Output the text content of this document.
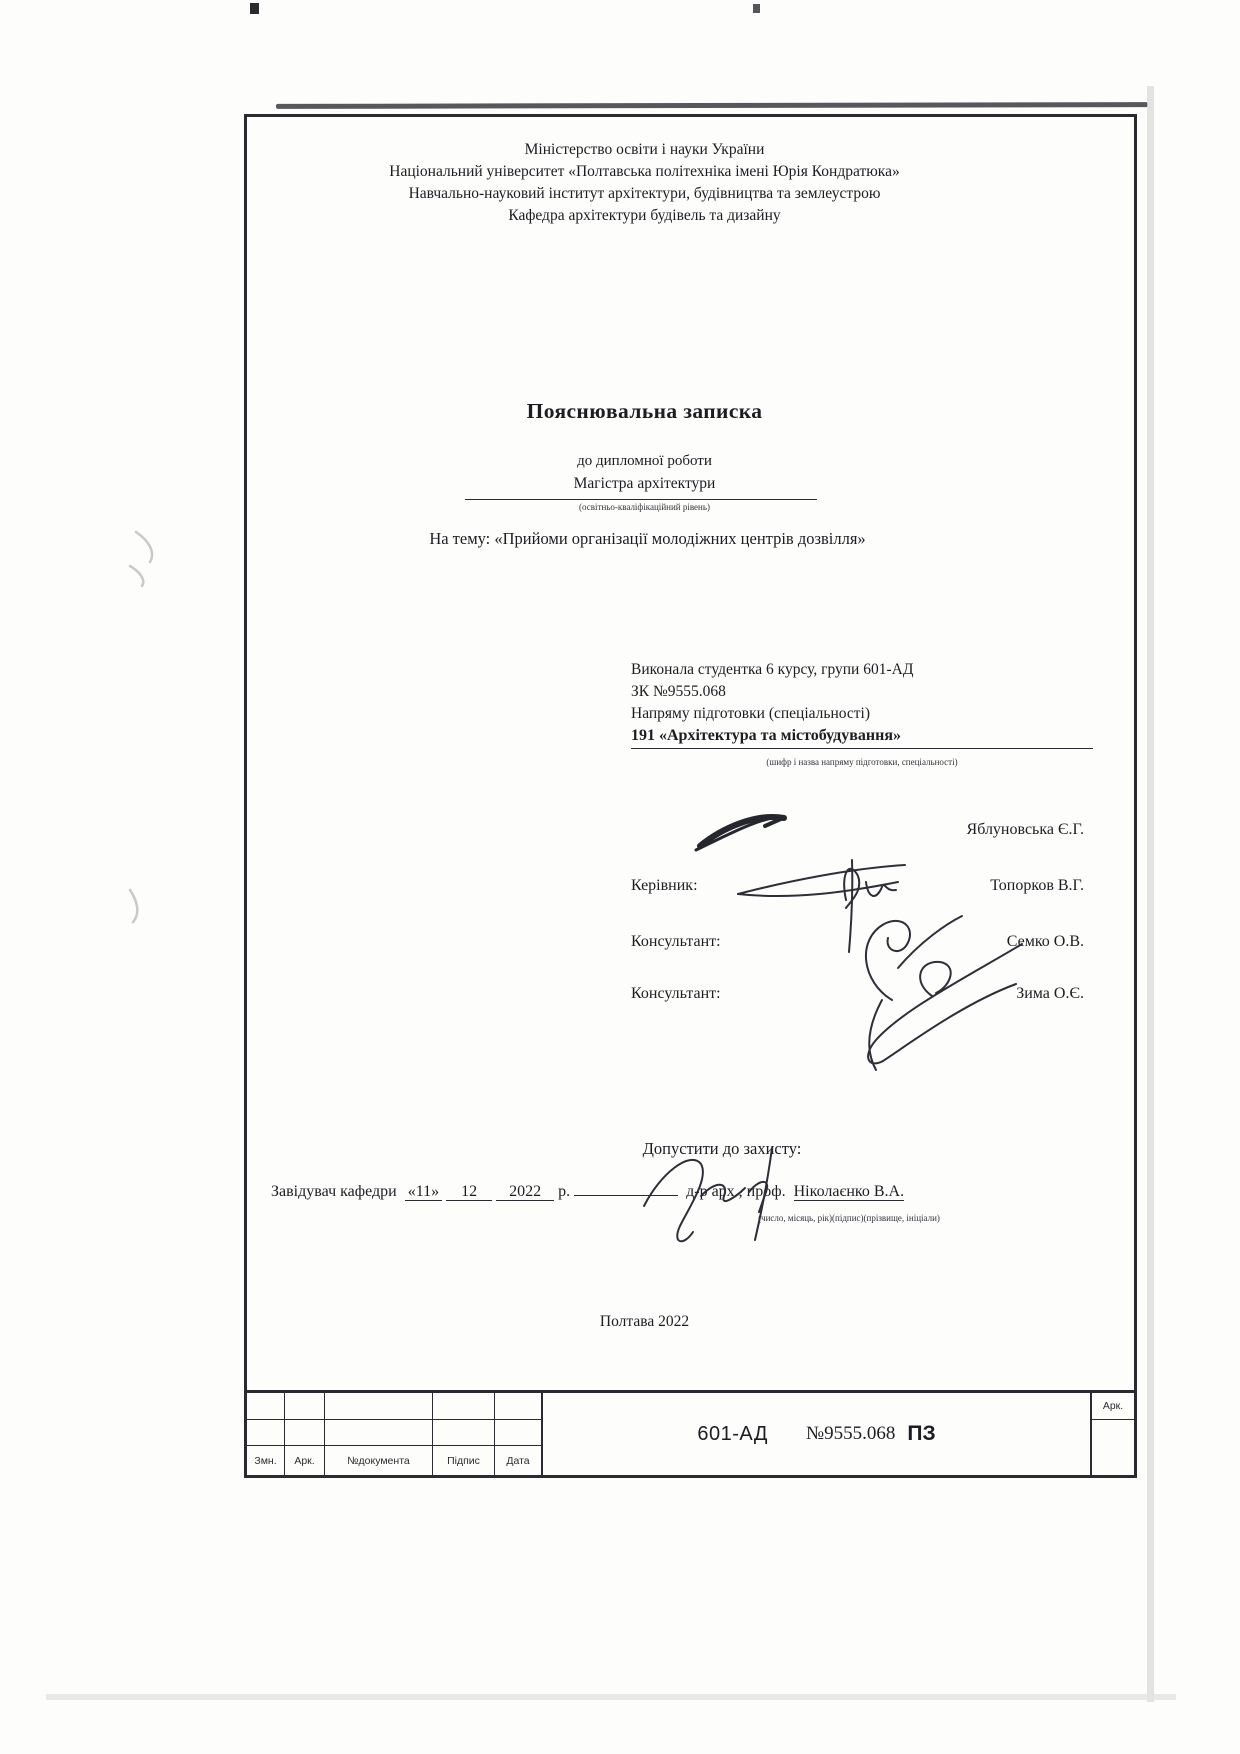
Міністерство освіти і науки України
Національний університет «Полтавська політехніка імені Юрія Кондратюка»
Навчально-науковий інститут архітектури, будівництва та землеустрою
Кафедра архітектури будівель та дизайну
Пояснювальна записка
до дипломної роботи
Магістра архітектури
(освітньо-кваліфікаційний рівень)
На тему: «Прийоми організації молодіжних центрів дозвілля»
Виконала студентка 6 курсу, групи 601-АД
ЗК №9555.068
Напряму підготовки (спеціальності)
191 «Архітектура та містобудування»
(шифр і назва напряму підготовки, спеціальності)
Яблуновська Є.Г.
Керівник:	Топорков В.Г.
Консультант:	Семко О.В.
Консультант:	Зима О.Є.
Допустити до захисту:
Завідувач кафедри «11» 12 2022 р.	д-р арх., проф. Ніколаєнко В.А.
(число, місяць, рік)(підпис)(прізвище, ініціали)
Полтава 2022
Змн.	Арк.	№документа	Підпис	Дата
601-АД №9555.068 ПЗ
Арк.
